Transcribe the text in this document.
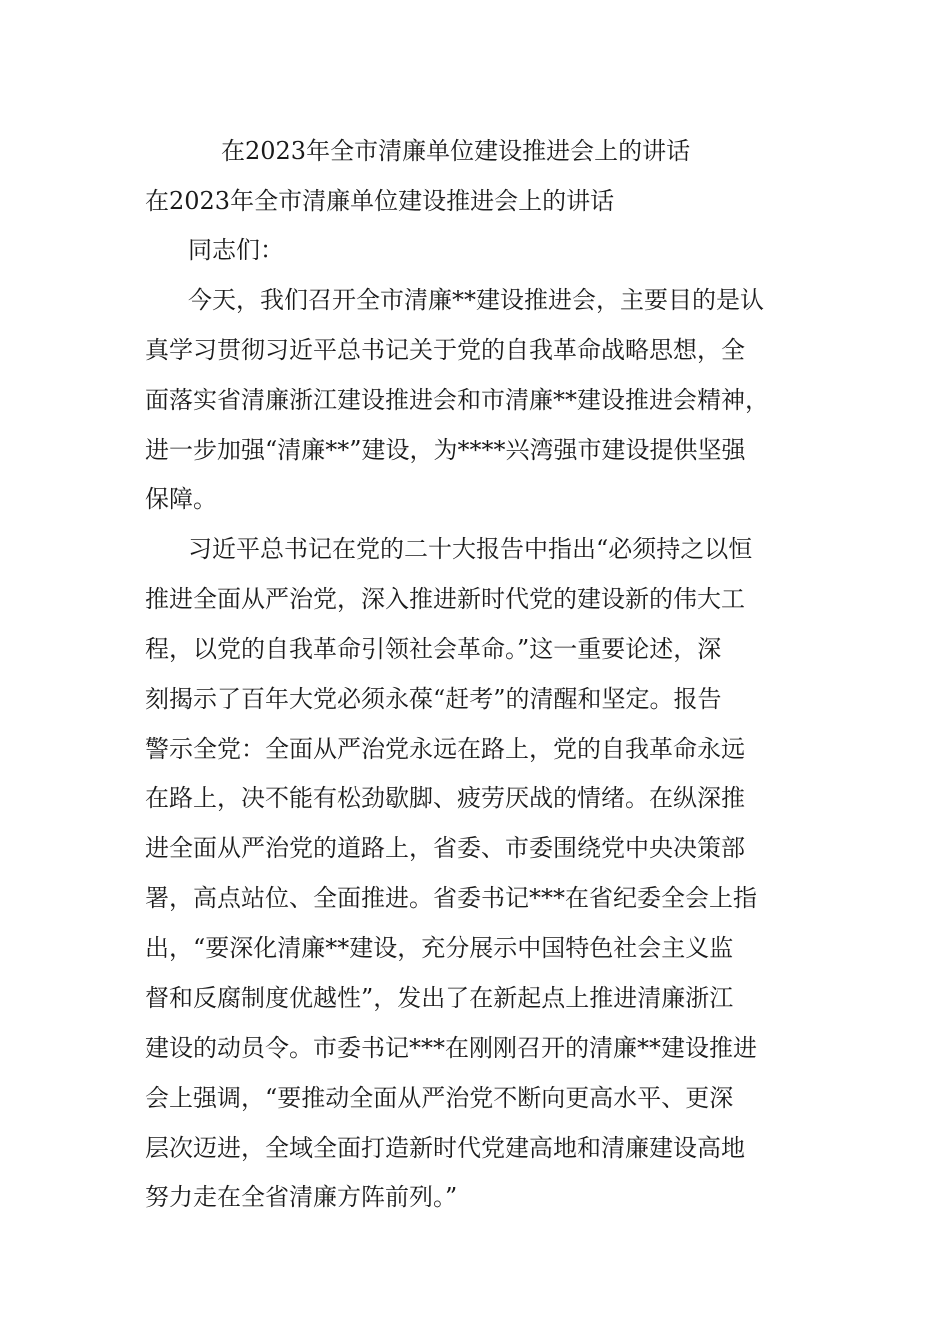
在2023年全市清廉单位建设推进会上的讲话
在2023年全市清廉单位建设推进会上的讲话
同志们：
今天，我们召开全市清廉**建设推进会，主要目的是认
真学习贯彻习近平总书记关于党的自我革命战略思想，全
面落实省清廉浙江建设推进会和市清廉**建设推进会精神，
进一步加强“清廉**”建设，为****兴湾强市建设提供坚强
保障。
习近平总书记在党的二十大报告中指出“必须持之以恒
推进全面从严治党，深入推进新时代党的建设新的伟大工
程，以党的自我革命引领社会革命。”这一重要论述，深
刻揭示了百年大党必须永葆“赶考”的清醒和坚定。报告
警示全党：全面从严治党永远在路上，党的自我革命永远
在路上，决不能有松劲歇脚、疲劳厌战的情绪。在纵深推
进全面从严治党的道路上，省委、市委围绕党中央决策部
署，高点站位、全面推进。省委书记***在省纪委全会上指
出，“要深化清廉**建设，充分展示中国特色社会主义监
督和反腐制度优越性”，发出了在新起点上推进清廉浙江
建设的动员令。市委书记***在刚刚召开的清廉**建设推进
会上强调，“要推动全面从严治党不断向更高水平、更深
层次迈进，全域全面打造新时代党建高地和清廉建设高地
努力走在全省清廉方阵前列。”
